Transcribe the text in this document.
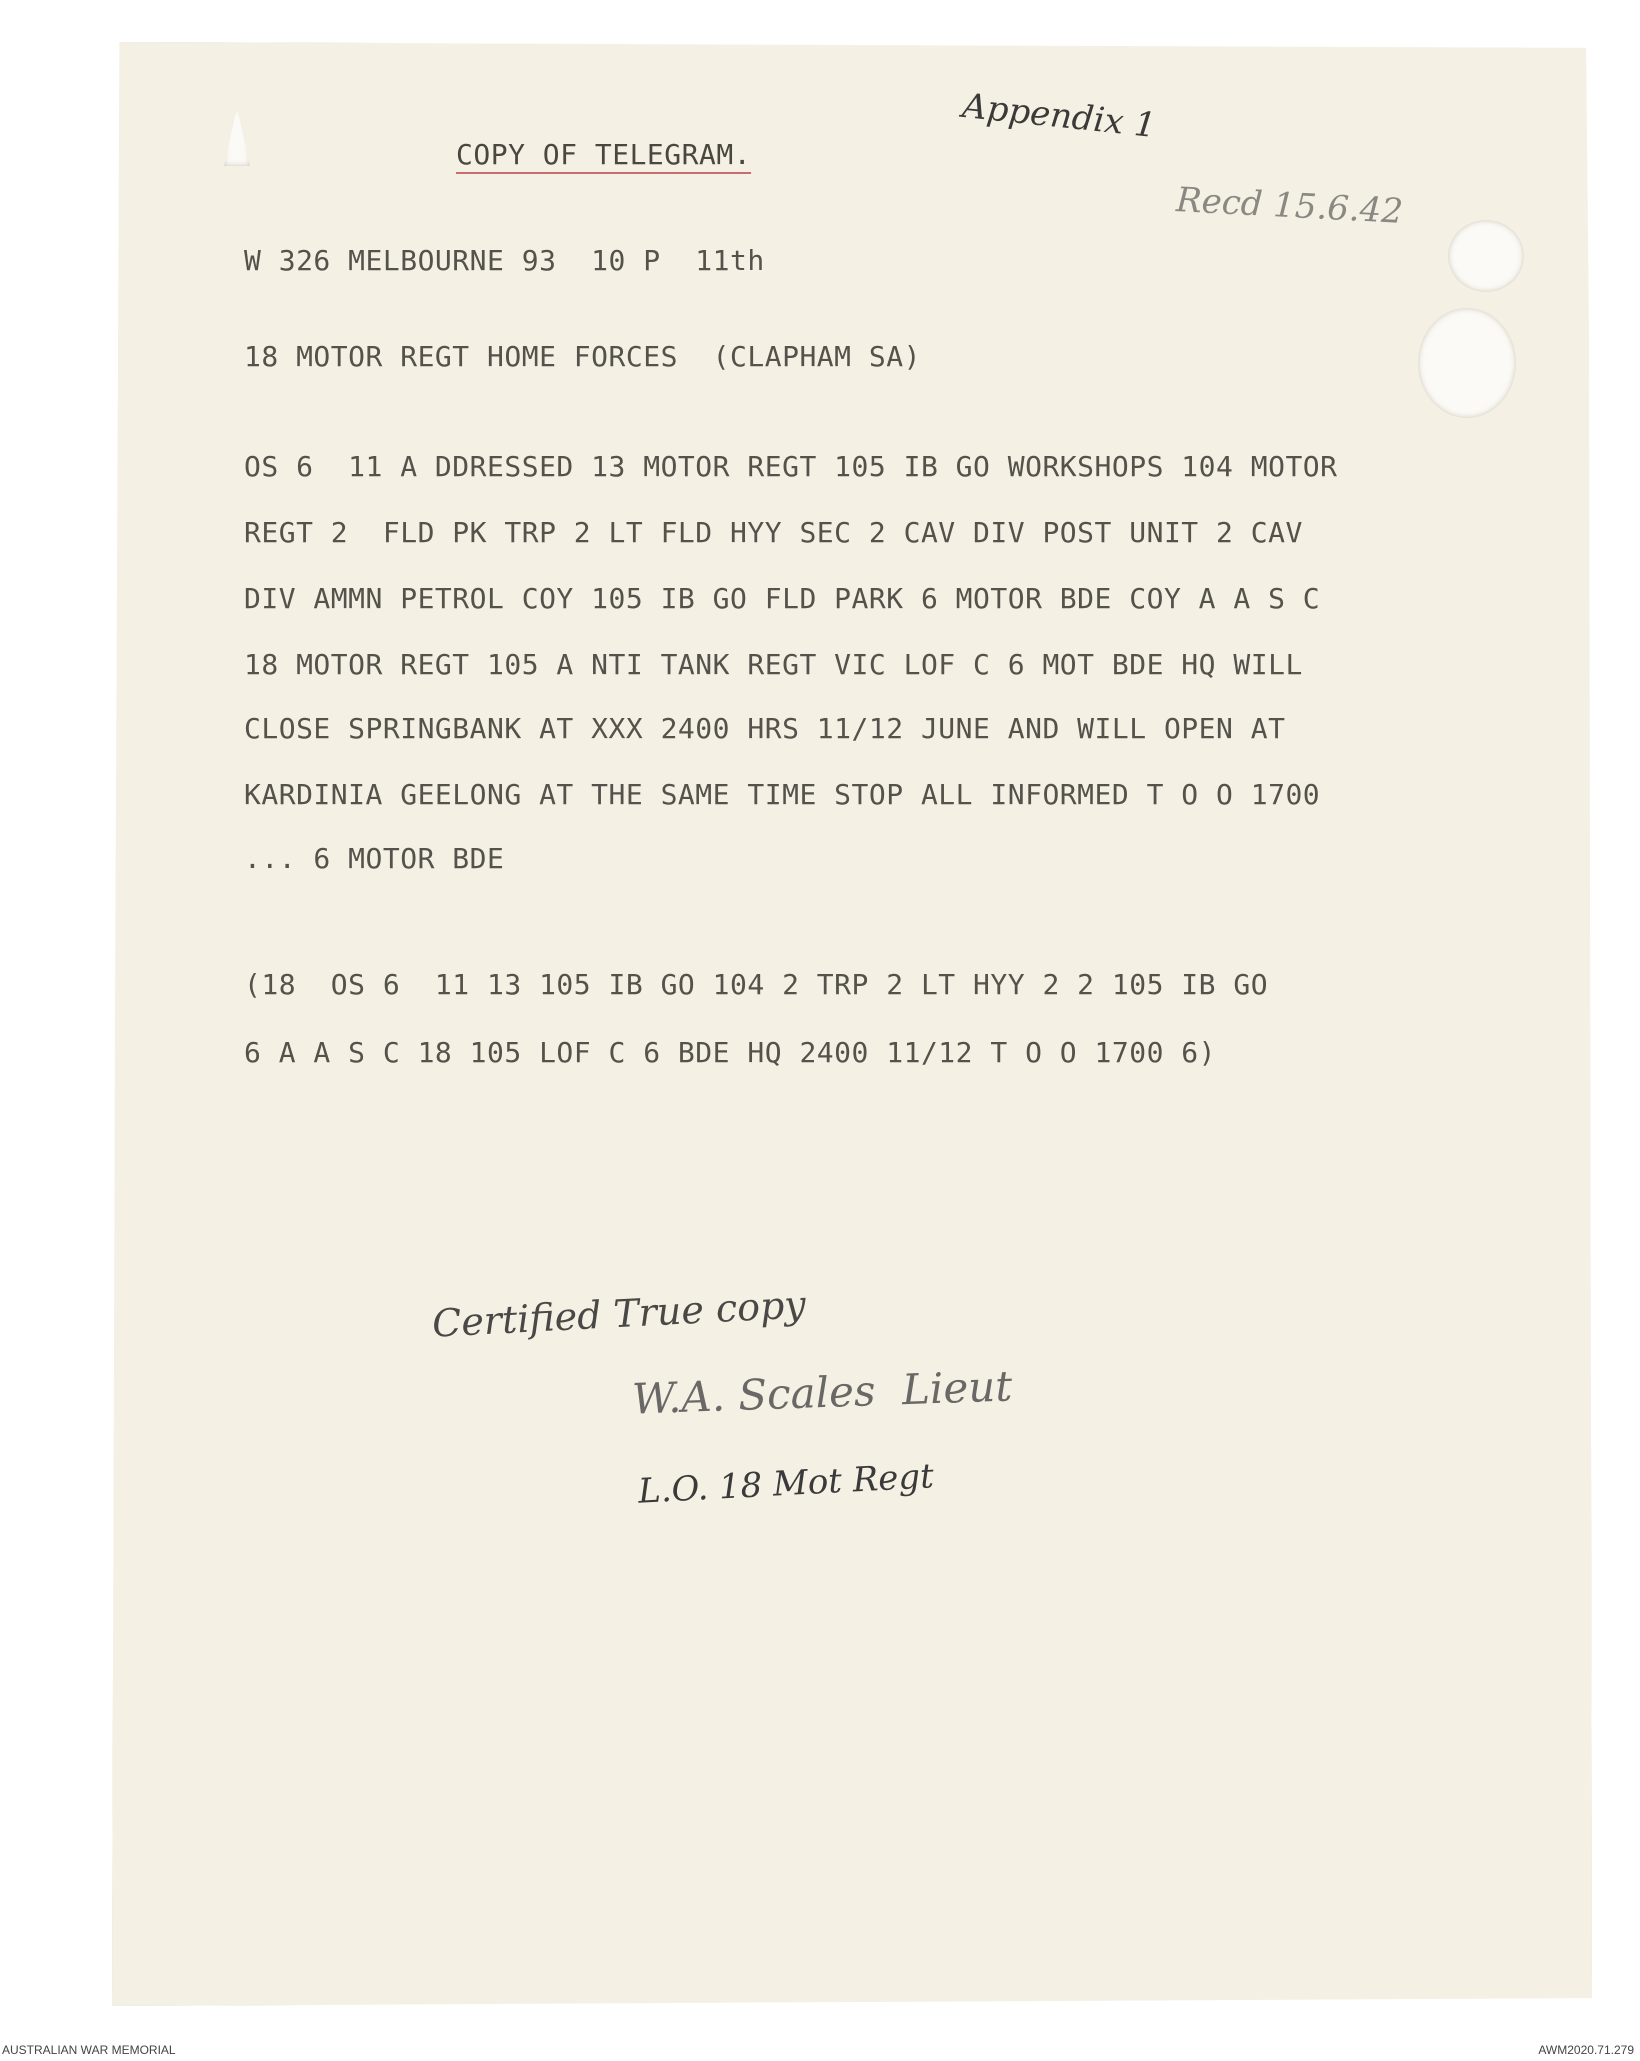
Appendix 1
Recd 15.6.42
COPY OF TELEGRAM.
W 326 MELBOURNE 93  10 P  11th
18 MOTOR REGT HOME FORCES  (CLAPHAM SA)
OS 6  11 A DDRESSED 13 MOTOR REGT 105 IB GO WORKSHOPS 104 MOTOR
REGT 2  FLD PK TRP 2 LT FLD HYY SEC 2 CAV DIV POST UNIT 2 CAV
DIV AMMN PETROL COY 105 IB GO FLD PARK 6 MOTOR BDE COY A A S C
18 MOTOR REGT 105 A NTI TANK REGT VIC LOF C 6 MOT BDE HQ WILL
CLOSE SPRINGBANK AT XXX 2400 HRS 11/12 JUNE AND WILL OPEN AT
KARDINIA GEELONG AT THE SAME TIME STOP ALL INFORMED T O O 1700
... 6 MOTOR BDE
(18  OS 6  11 13 105 IB GO 104 2 TRP 2 LT HYY 2 2 105 IB GO
6 A A S C 18 105 LOF C 6 BDE HQ 2400 11/12 T O O 1700 6)
Certified True copy
W.A. Scales  Lieut
L.O. 18 Mot Regt
AUSTRALIAN WAR MEMORIAL	AWM2020.71.279
